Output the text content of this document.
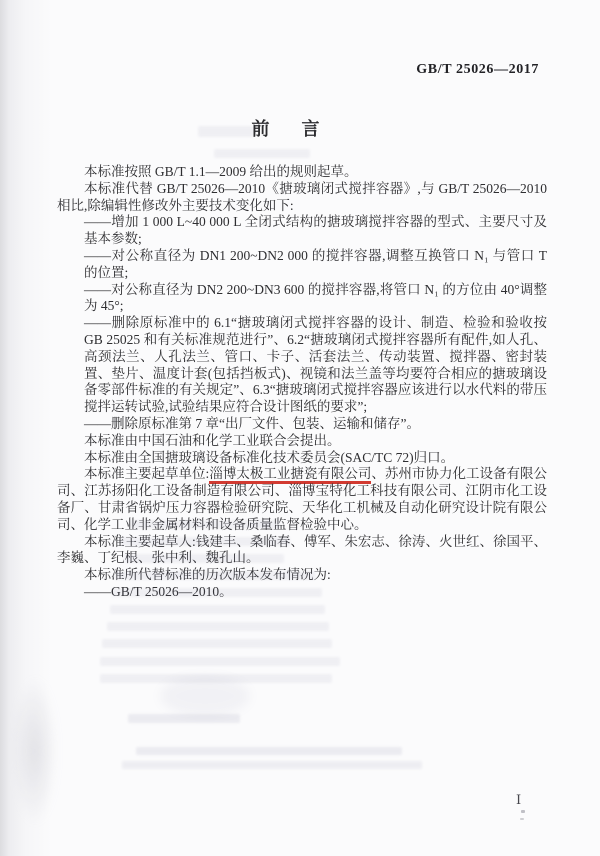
GB/T 25026—2017
前　言

本标准按照 GB/T 1.1—2009 给出的规则起草。

本标准代替 GB/T 25026—2010《搪玻璃闭式搅拌容器》,与 GB/T 25026—2010 相比,除编辑性修改外主要技术变化如下:

——增加 1 000 L~40 000 L 全闭式结构的搪玻璃搅拌容器的型式、主要尺寸及基本参数;

——对公称直径为 DN1 200~DN2 000 的搅拌容器,调整互换管口 N₁ 与管口 T 的位置;

——对公称直径为 DN2 200~DN3 600 的搅拌容器,将管口 N₁ 的方位由 40°调整为 45°;

——删除原标准中的 6.1“搪玻璃闭式搅拌容器的设计、制造、检验和验收按 GB 25025 和有关标准规范进行”、6.2“搪玻璃闭式搅拌容器所有配件,如人孔、高颈法兰、人孔法兰、管口、卡子、活套法兰、传动装置、搅拌器、密封装置、垫片、温度计套(包括挡板式)、视镜和法兰盖等均要符合相应的搪玻璃设备零部件标准的有关规定”、6.3“搪玻璃闭式搅拌容器应该进行以水代料的带压搅拌运转试验,试验结果应符合设计图纸的要求”;

——删除原标准第 7 章“出厂文件、包装、运输和储存”。

本标准由中国石油和化学工业联合会提出。

本标准由全国搪玻璃设备标准化技术委员会(SAC/TC 72)归口。

本标准主要起草单位:淄博太极工业搪瓷有限公司、苏州市协力化工设备有限公司、江苏扬阳化工设备制造有限公司、淄博宝特化工科技有限公司、江阴市化工设备厂、甘肃省锅炉压力容器检验研究院、天华化工机械及自动化研究设计院有限公司、化学工业非金属材料和设备质量监督检验中心。

本标准主要起草人:钱建丰、桑临春、傅军、朱宏志、徐涛、火世红、徐国平、李巍、丁纪根、张中利、魏孔山。

本标准所代替标准的历次版本发布情况为:

——GB/T 25026—2010。

Ⅰ
